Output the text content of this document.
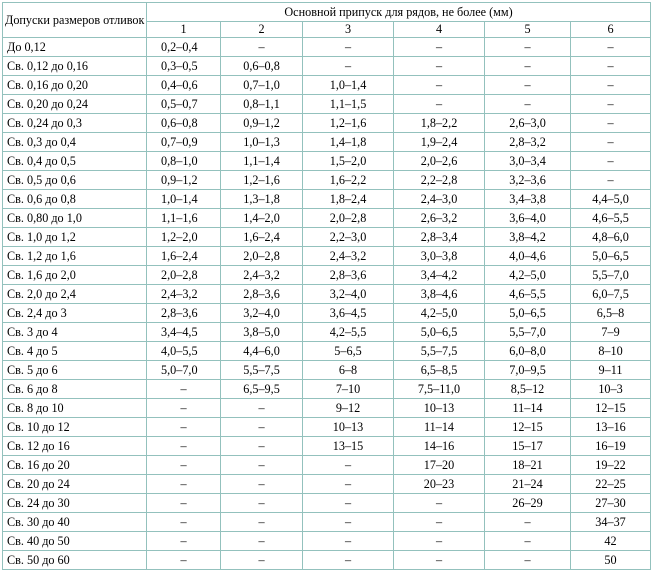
Допуски размеров отливок	Основной припуск для рядов, не более (мм)					
	1	2	3	4	5	6
До 0,12	0,2–0,4	–	–	–	–	–
Св. 0,12 до 0,16	0,3–0,5	0,6–0,8	–	–	–	–
Св. 0,16 до 0,20	0,4–0,6	0,7–1,0	1,0–1,4	–	–	–
Св. 0,20 до 0,24	0,5–0,7	0,8–1,1	1,1–1,5	–	–	–
Св. 0,24 до 0,3	0,6–0,8	0,9–1,2	1,2–1,6	1,8–2,2	2,6–3,0	–
Св. 0,3 до 0,4	0,7–0,9	1,0–1,3	1,4–1,8	1,9–2,4	2,8–3,2	–
Св. 0,4 до 0,5	0,8–1,0	1,1–1,4	1,5–2,0	2,0–2,6	3,0–3,4	–
Св. 0,5 до 0,6	0,9–1,2	1,2–1,6	1,6–2,2	2,2–2,8	3,2–3,6	–
Св. 0,6 до 0,8	1,0–1,4	1,3–1,8	1,8–2,4	2,4–3,0	3,4–3,8	4,4–5,0
Св. 0,80 до 1,0	1,1–1,6	1,4–2,0	2,0–2,8	2,6–3,2	3,6–4,0	4,6–5,5
Св. 1,0 до 1,2	1,2–2,0	1,6–2,4	2,2–3,0	2,8–3,4	3,8–4,2	4,8–6,0
Св. 1,2 до 1,6	1,6–2,4	2,0–2,8	2,4–3,2	3,0–3,8	4,0–4,6	5,0–6,5
Св. 1,6 до 2,0	2,0–2,8	2,4–3,2	2,8–3,6	3,4–4,2	4,2–5,0	5,5–7,0
Св. 2,0 до 2,4	2,4–3,2	2,8–3,6	3,2–4,0	3,8–4,6	4,6–5,5	6,0–7,5
Св. 2,4 до 3	2,8–3,6	3,2–4,0	3,6–4,5	4,2–5,0	5,0–6,5	6,5–8
Св. 3 до 4	3,4–4,5	3,8–5,0	4,2–5,5	5,0–6,5	5,5–7,0	7–9
Св. 4 до 5	4,0–5,5	4,4–6,0	5–6,5	5,5–7,5	6,0–8,0	8–10
Св. 5 до 6	5,0–7,0	5,5–7,5	6–8	6,5–8,5	7,0–9,5	9–11
Св. 6 до 8	–	6,5–9,5	7–10	7,5–11,0	8,5–12	10–3
Св. 8 до 10	–	–	9–12	10–13	11–14	12–15
Св. 10 до 12	–	–	10–13	11–14	12–15	13–16
Св. 12 до 16	–	–	13–15	14–16	15–17	16–19
Св. 16 до 20	–	–	–	17–20	18–21	19–22
Св. 20 до 24	–	–	–	20–23	21–24	22–25
Св. 24 до 30	–	–	–	–	26–29	27–30
Св. 30 до 40	–	–	–	–	–	34–37
Св. 40 до 50	–	–	–	–	–	42
Св. 50 до 60	–	–	–	–	–	50
